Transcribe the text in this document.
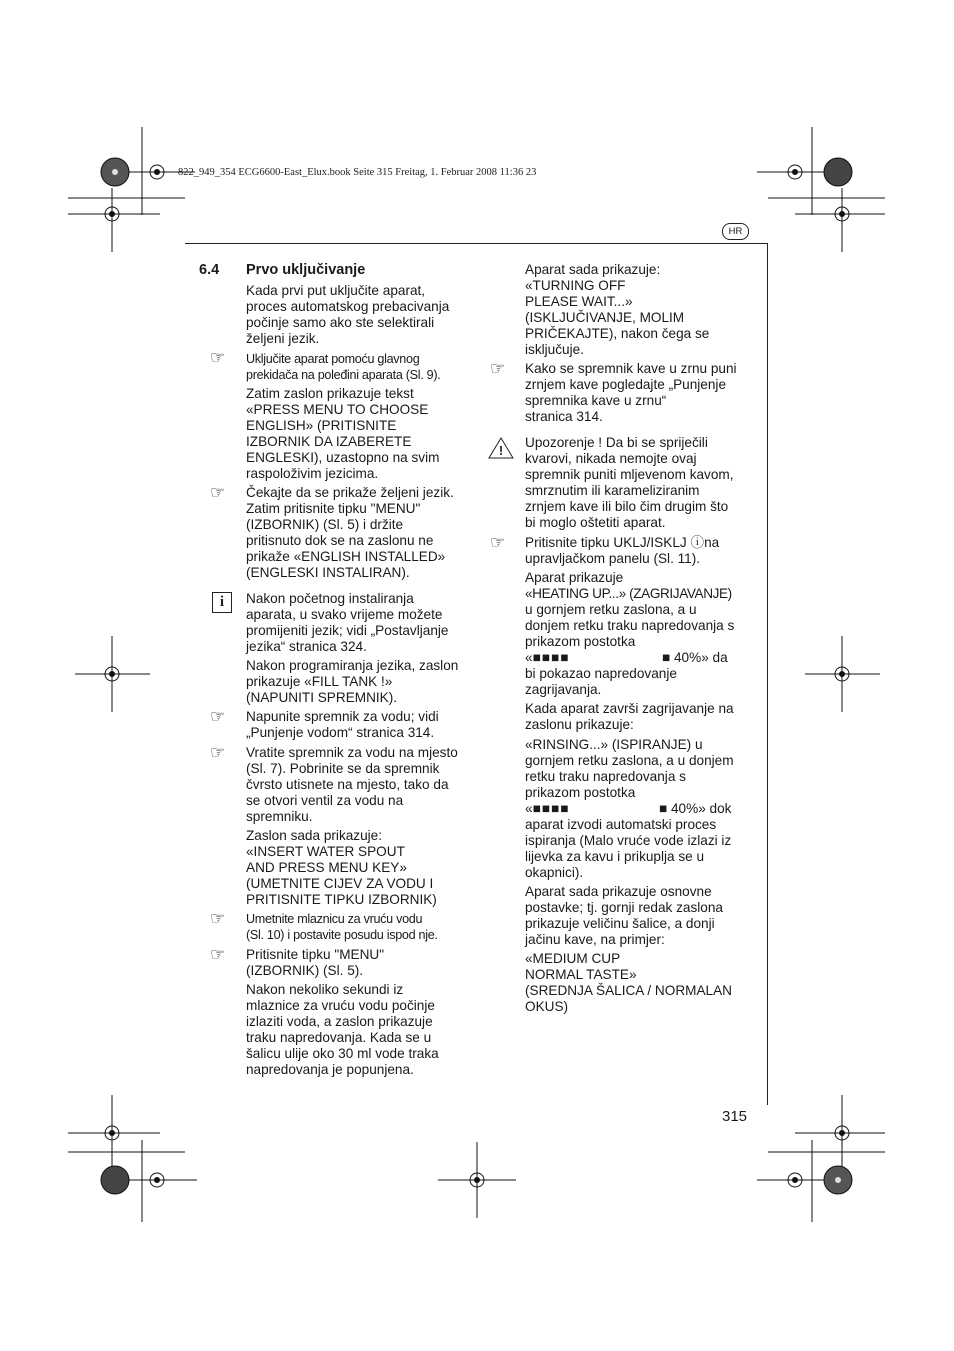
822_949_354 ECG6600-East_Elux.book Seite 315 Freitag, 1. Februar 2008 11:36 23
HR
6.4 Prvo uključivanje

Kada prvi put uključite aparat,

proces automatskog prebacivanja

počinje samo ako ste selektirali

željeni jezik.

☞ Uključite aparat pomoću glavnog

prekidača na poleđini aparata (Sl. 9).

Zatim zaslon prikazuje tekst

«PRESS MENU TO CHOOSE

ENGLISH» (PRITISNITE

IZBORNIK DA IZABERETE

ENGLESKI), uzastopno na svim

raspoloživim jezicima.

☞ Čekajte da se prikaže željeni jezik.

Zatim pritisnite tipku "MENU"

(IZBORNIK) (Sl. 5) i držite

pritisnuto dok se na zaslonu ne

prikaže «ENGLISH INSTALLED»

(ENGLESKI INSTALIRAN).

i	Nakon početnog instaliranja

aparata, u svako vrijeme možete

promijeniti jezik; vidi „Postavljanje

jezika“ stranica 324.

Nakon programiranja jezika, zaslon

prikazuje «FILL TANK !»

(NAPUNITI SPREMNIK).

☞ Napunite spremnik za vodu; vidi

„Punjenje vodom“ stranica 314.

☞ Vratite spremnik za vodu na mjesto

(Sl. 7). Pobrinite se da spremnik

čvrsto utisnete na mjesto, tako da

se otvori ventil za vodu na

spremniku.

Zaslon sada prikazuje:

«INSERT WATER SPOUT

AND PRESS MENU KEY»

(UMETNITE CIJEV ZA VODU I

PRITISNITE TIPKU IZBORNIK)

☞ Umetnite mlaznicu za vruću vodu

(Sl. 10) i postavite posudu ispod nje.

☞ Pritisnite tipku "MENU"

(IZBORNIK) (Sl. 5).

Nakon nekoliko sekundi iz

mlaznice za vruću vodu počinje

izlaziti voda, a zaslon prikazuje

traku napredovanja. Kada se u

šalicu ulije oko 30 ml vode traka

napredovanja je popunjena.

Aparat sada prikazuje:

«TURNING OFF

PLEASE WAIT...»

(ISKLJUČIVANJE, MOLIM

PRIČEKAJTE), nakon čega se

isključuje.

☞ Kako se spremnik kave u zrnu puni

zrnjem kave pogledajte „Punjenje

spremnika kave u zrnu“

stranica 314.

!

Upozorenje ! Da bi se spriječili

kvarovi, nikada nemojte ovaj

spremnik puniti mljevenom kavom,

smrznutim ili karameliziranim

zrnjem kave ili bilo čim drugim što

bi moglo oštetiti aparat.

☞ Pritisnite tipku UKLJ/ISKLJ ⓘna

upravljačkom panelu (Sl. 11).

Aparat prikazuje

«HEATING UP...» (ZAGRIJAVANJE)

u gornjem retku zaslona, a u

donjem retku traku napredovanja s

prikazom postotka

«■■■■	■ 40%» da

bi pokazao napredovanje

zagrijavanja.

Kada aparat završi zagrijavanje na

zaslonu prikazuje:

«RINSING...» (ISPIRANJE) u

gornjem retku zaslona, a u donjem

retku traku napredovanja s

prikazom postotka

«■■■■	■ 40%» dok

aparat izvodi automatski proces

ispiranja (Malo vruće vode izlazi iz

lijevka za kavu i prikuplja se u

okapnici).

Aparat sada prikazuje osnovne

postavke; tj. gornji redak zaslona

prikazuje veličinu šalice, a donji

jačinu kave, na primjer:

«MEDIUM CUP

NORMAL TASTE»

(SREDNJA ŠALICA / NORMALAN

OKUS)

315
